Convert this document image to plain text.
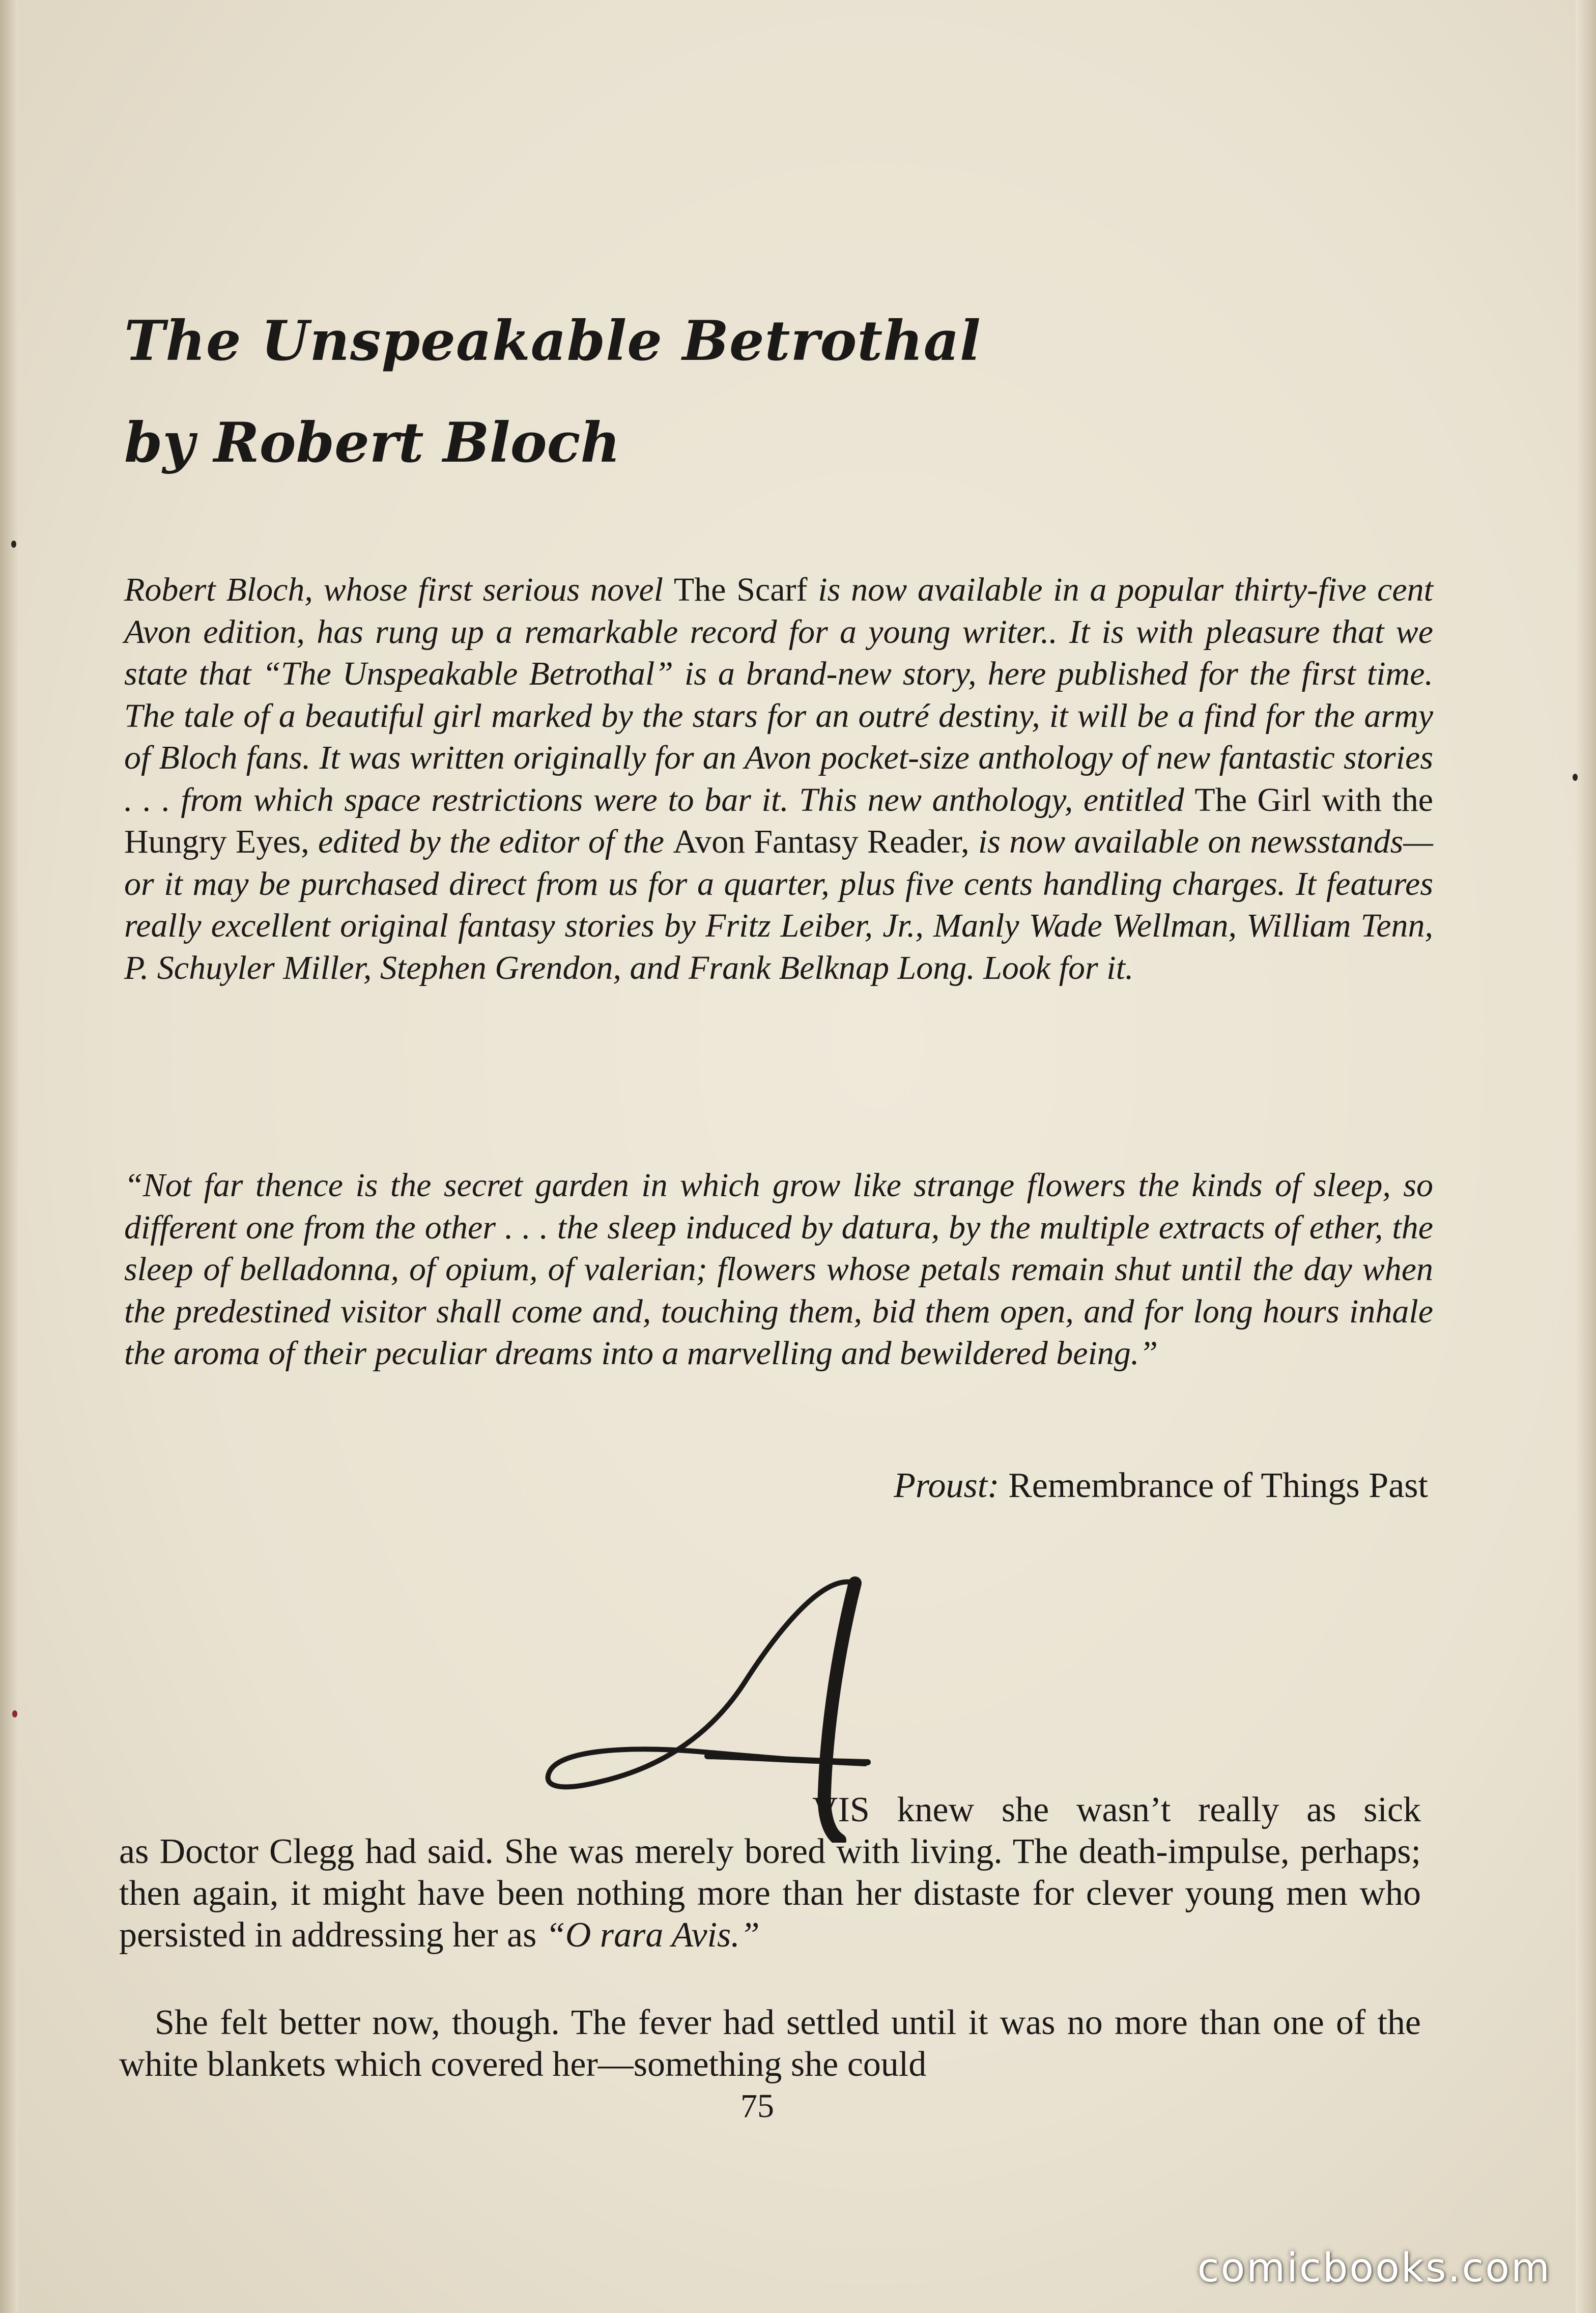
The Unspeakable Betrothal
by Robert Bloch
Robert Bloch, whose first serious novel The Scarf is now available in a popular thirty-five cent Avon edition, has rung up a remarkable record for a young writer.. It is with pleasure that we state that “The Unspeakable Betrothal” is a brand-new story, here published for the first time. The tale of a beautiful girl marked by the stars for an outré destiny, it will be a find for the army of Bloch fans. It was written originally for an Avon pocket-size anthology of new fantastic stories . . . from which space restrictions were to bar it. This new anthology, entitled The Girl with the Hungry Eyes, edited by the editor of the Avon Fantasy Reader, is now available on newsstands—or it may be purchased direct from us for a quarter, plus five cents handling charges. It features really excellent original fantasy stories by Fritz Leiber, Jr., Manly Wade Wellman, William Tenn, P. Schuyler Miller, Stephen Grendon, and Frank Belknap Long. Look for it.
“Not far thence is the secret garden in which grow like strange flowers the kinds of sleep, so different one from the other . . . the sleep induced by datura, by the multiple extracts of ether, the sleep of belladonna, of opium, of valerian; flowers whose petals remain shut until the day when the predestined visitor shall come and, touching them, bid them open, and for long hours inhale the aroma of their peculiar dreams into a marvelling and bewildered being.”
Proust: Remembrance of Things Past
VIS knew she wasn’t really as sick
as Doctor Clegg had said. She was merely bored with living. The death-impulse, perhaps; then again, it might have been nothing more than her distaste for clever young men who persisted in addressing her as “O rara Avis.”
She felt better now, though. The fever had settled until it was no more than one of the white blankets which covered her—something she could
75
comicbooks.com
